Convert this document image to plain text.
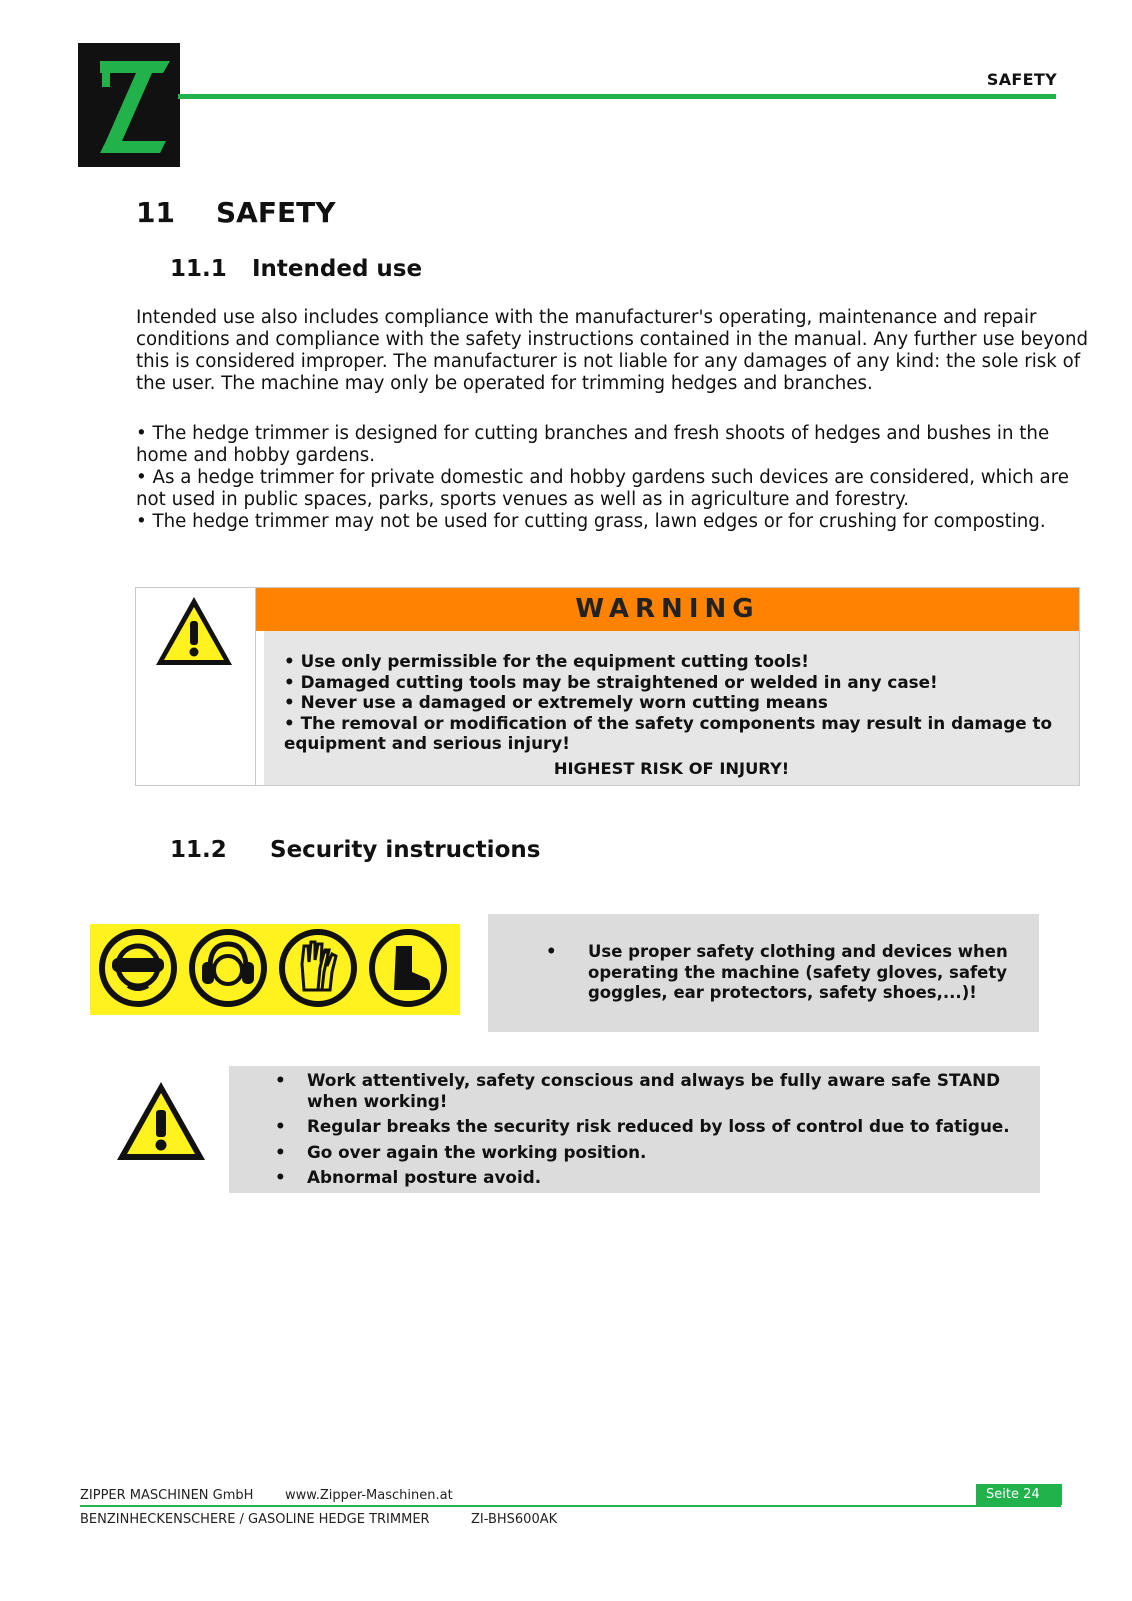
SAFETY
11 SAFETY
11.1 Intended use
Intended use also includes compliance with the manufacturer's operating, maintenance and repair conditions and compliance with the safety instructions contained in the manual. Any further use beyond this is considered improper. The manufacturer is not liable for any damages of any kind: the sole risk of the user. The machine may only be operated for trimming hedges and branches.
• The hedge trimmer is designed for cutting branches and fresh shoots of hedges and bushes in the home and hobby gardens.
• As a hedge trimmer for private domestic and hobby gardens such devices are considered, which are not used in public spaces, parks, sports venues as well as in agriculture and forestry.
• The hedge trimmer may not be used for cutting grass, lawn edges or for crushing for composting.
WARNING
• Use only permissible for the equipment cutting tools!
• Damaged cutting tools may be straightened or welded in any case!
• Never use a damaged or extremely worn cutting means
• The removal or modification of the safety components may result in damage to equipment and serious injury!
HIGHEST RISK OF INJURY!
11.2 Security instructions
• Use proper safety clothing and devices when operating the machine (safety gloves, safety goggles, ear protectors, safety shoes,...)!
• Work attentively, safety conscious and always be fully aware safe STAND when working!
• Regular breaks the security risk reduced by loss of control due to fatigue.
• Go over again the working position.
• Abnormal posture avoid.
ZIPPER MASCHINEN GmbH www.Zipper-Maschinen.at	Seite 24
BENZINHECKENSCHERE / GASOLINE HEDGE TRIMMER	ZI-BHS600AK
